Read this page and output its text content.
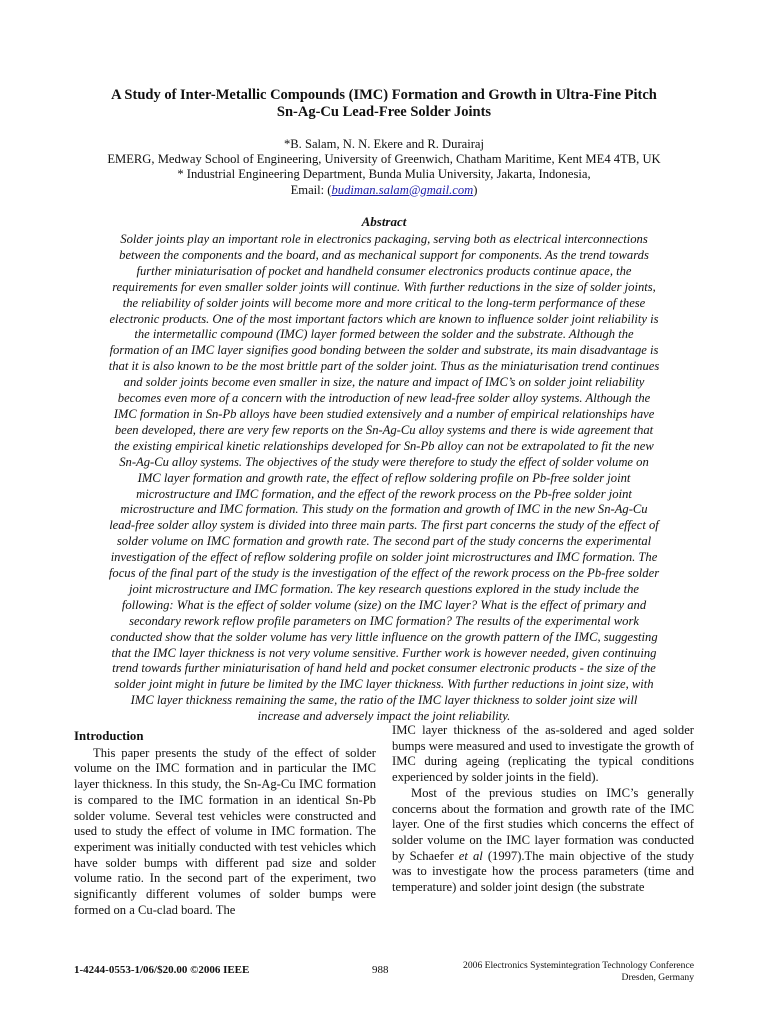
A Study of Inter-Metallic Compounds (IMC) Formation and Growth in Ultra-Fine Pitch
Sn-Ag-Cu Lead-Free Solder Joints
*B. Salam, N. N. Ekere and R. Durairaj
EMERG, Medway School of Engineering, University of Greenwich, Chatham Maritime, Kent ME4 4TB, UK
* Industrial Engineering Department, Bunda Mulia University, Jakarta, Indonesia,
Email: (budiman.salam@gmail.com)
Abstract
Solder joints play an important role in electronics packaging, serving both as electrical interconnections
between the components and the board, and as mechanical support for components. As the trend towards
further miniaturisation of pocket and handheld consumer electronics products continue apace, the
requirements for even smaller solder joints will continue. With further reductions in the size of solder joints,
the reliability of solder joints will become more and more critical to the long-term performance of these
electronic products. One of the most important factors which are known to influence solder joint reliability is
the intermetallic compound (IMC) layer formed between the solder and the substrate. Although the
formation of an IMC layer signifies good bonding between the solder and substrate, its main disadvantage is
that it is also known to be the most brittle part of the solder joint. Thus as the miniaturisation trend continues
and solder joints become even smaller in size, the nature and impact of IMC’s on solder joint reliability
becomes even more of a concern with the introduction of new lead-free solder alloy systems. Although the
IMC formation in Sn-Pb alloys have been studied extensively and a number of empirical relationships have
been developed, there are very few reports on the Sn-Ag-Cu alloy systems and there is wide agreement that
the existing empirical kinetic relationships developed for Sn-Pb alloy can not be extrapolated to fit the new
Sn-Ag-Cu alloy systems. The objectives of the study were therefore to study the effect of solder volume on
IMC layer formation and growth rate, the effect of reflow soldering profile on Pb-free solder joint
microstructure and IMC formation, and the effect of the rework process on the Pb-free solder joint
microstructure and IMC formation. This study on the formation and growth of IMC in the new Sn-Ag-Cu
lead-free solder alloy system is divided into three main parts. The first part concerns the study of the effect of
solder volume on IMC formation and growth rate. The second part of the study concerns the experimental
investigation of the effect of reflow soldering profile on solder joint microstructures and IMC formation. The
focus of the final part of the study is the investigation of the effect of the rework process on the Pb-free solder
joint microstructure and IMC formation. The key research questions explored in the study include the
following: What is the effect of solder volume (size) on the IMC layer? What is the effect of primary and
secondary rework reflow profile parameters on IMC formation? The results of the experimental work
conducted show that the solder volume has very little influence on the growth pattern of the IMC, suggesting
that the IMC layer thickness is not very volume sensitive. Further work is however needed, given continuing
trend towards further miniaturisation of hand held and pocket consumer electronic products - the size of the
solder joint might in future be limited by the IMC layer thickness. With further reductions in joint size, with
IMC layer thickness remaining the same, the ratio of the IMC layer thickness to solder joint size will
increase and adversely impact the joint reliability.
Introduction

This paper presents the study of the effect of solder volume on the IMC formation and in particular the IMC layer thickness. In this study, the Sn-Ag-Cu IMC formation is compared to the IMC formation in an identical Sn-Pb solder volume. Several test vehicles were constructed and used to study the effect of volume in IMC formation. The experiment was initially conducted with test vehicles which have solder bumps with different pad size and solder volume ratio. In the second part of the experiment, two significantly different volumes of solder bumps were formed on a Cu-clad board. The

IMC layer thickness of the as-soldered and aged solder bumps were measured and used to investigate the growth of IMC during ageing (replicating the typical conditions experienced by solder joints in the field).

Most of the previous studies on IMC’s generally concerns about the formation and growth rate of the IMC layer. One of the first studies which concerns the effect of solder volume on the IMC layer formation was conducted by Schaefer et al (1997).The main objective of the study was to investigate how the process parameters (time and temperature) and solder joint design (the substrate

1-4244-0553-1/06/$20.00 ©2006 IEEE	988	2006 Electronics Systemintegration Technology Conference
Dresden, Germany
